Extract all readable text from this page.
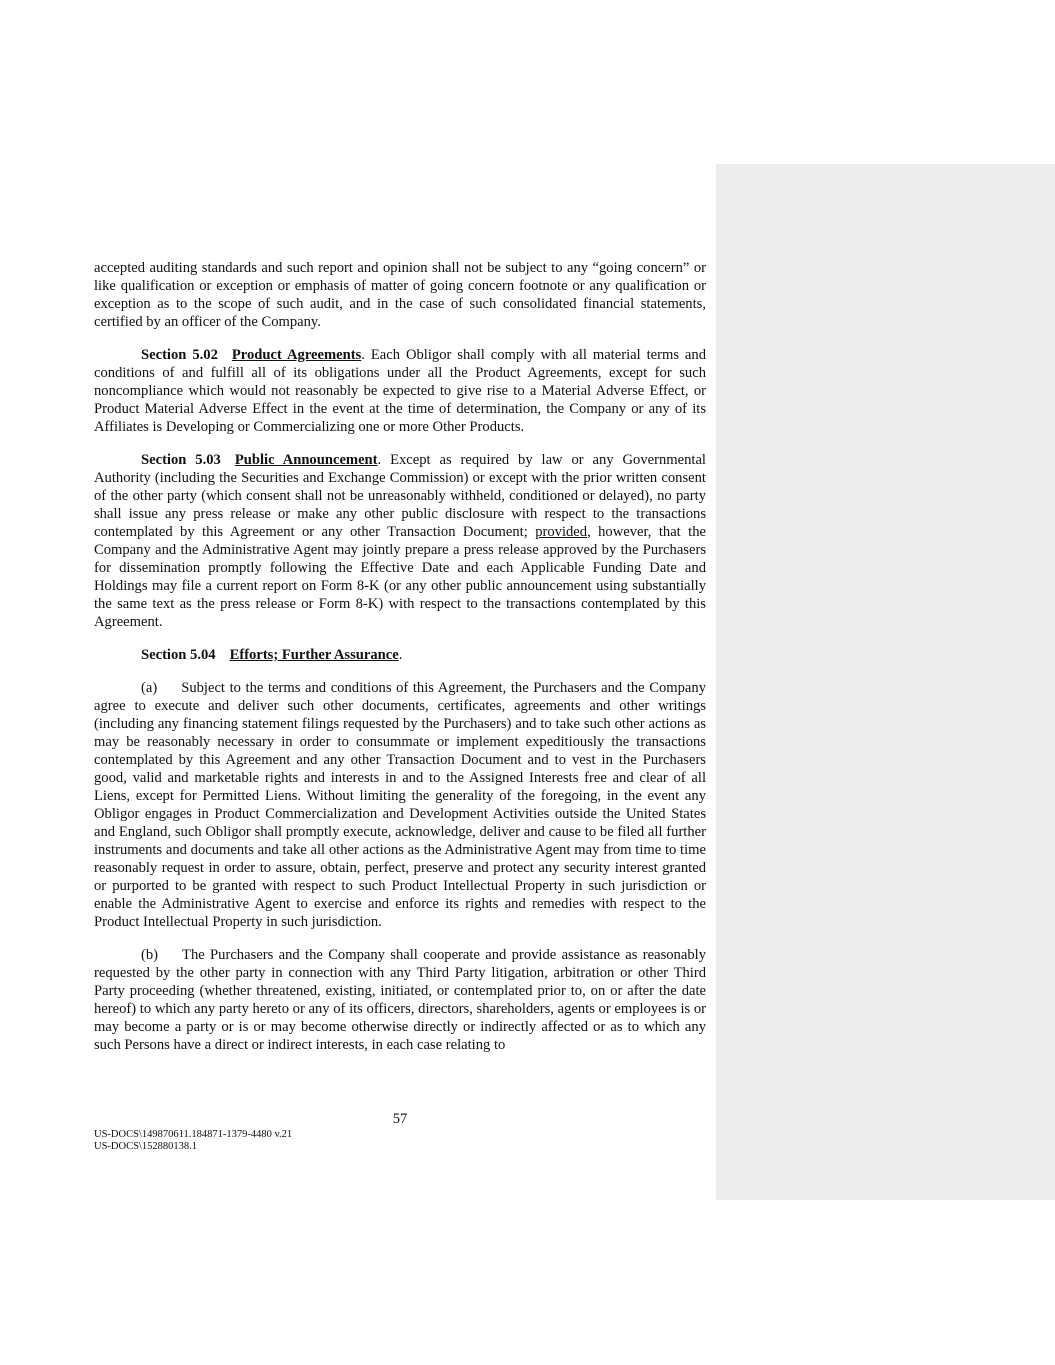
accepted auditing standards and such report and opinion shall not be subject to any “going concern” or like qualification or exception or emphasis of matter of going concern footnote or any qualification or exception as to the scope of such audit, and in the case of such consolidated financial statements, certified by an officer of the Company.

Section 5.02 Product Agreements. Each Obligor shall comply with all material terms and conditions of and fulfill all of its obligations under all the Product Agreements, except for such noncompliance which would not reasonably be expected to give rise to a Material Adverse Effect, or Product Material Adverse Effect in the event at the time of determination, the Company or any of its Affiliates is Developing or Commercializing one or more Other Products.

Section 5.03 Public Announcement. Except as required by law or any Governmental Authority (including the Securities and Exchange Commission) or except with the prior written consent of the other party (which consent shall not be unreasonably withheld, conditioned or delayed), no party shall issue any press release or make any other public disclosure with respect to the transactions contemplated by this Agreement or any other Transaction Document; provided, however, that the Company and the Administrative Agent may jointly prepare a press release approved by the Purchasers for dissemination promptly following the Effective Date and each Applicable Funding Date and Holdings may file a current report on Form 8-K (or any other public announcement using substantially the same text as the press release or Form 8-K) with respect to the transactions contemplated by this Agreement.

Section 5.04 Efforts; Further Assurance.

(a) Subject to the terms and conditions of this Agreement, the Purchasers and the Company agree to execute and deliver such other documents, certificates, agreements and other writings (including any financing statement filings requested by the Purchasers) and to take such other actions as may be reasonably necessary in order to consummate or implement expeditiously the transactions contemplated by this Agreement and any other Transaction Document and to vest in the Purchasers good, valid and marketable rights and interests in and to the Assigned Interests free and clear of all Liens, except for Permitted Liens. Without limiting the generality of the foregoing, in the event any Obligor engages in Product Commercialization and Development Activities outside the United States and England, such Obligor shall promptly execute, acknowledge, deliver and cause to be filed all further instruments and documents and take all other actions as the Administrative Agent may from time to time reasonably request in order to assure, obtain, perfect, preserve and protect any security interest granted or purported to be granted with respect to such Product Intellectual Property in such jurisdiction or enable the Administrative Agent to exercise and enforce its rights and remedies with respect to the Product Intellectual Property in such jurisdiction.

(b) The Purchasers and the Company shall cooperate and provide assistance as reasonably requested by the other party in connection with any Third Party litigation, arbitration or other Third Party proceeding (whether threatened, existing, initiated, or contemplated prior to, on or after the date hereof) to which any party hereto or any of its officers, directors, shareholders, agents or employees is or may become a party or is or may become otherwise directly or indirectly affected or as to which any such Persons have a direct or indirect interests, in each case relating to

57
US-DOCS\149870611.184871-1379-4480 v.21
US-DOCS\152880138.1
